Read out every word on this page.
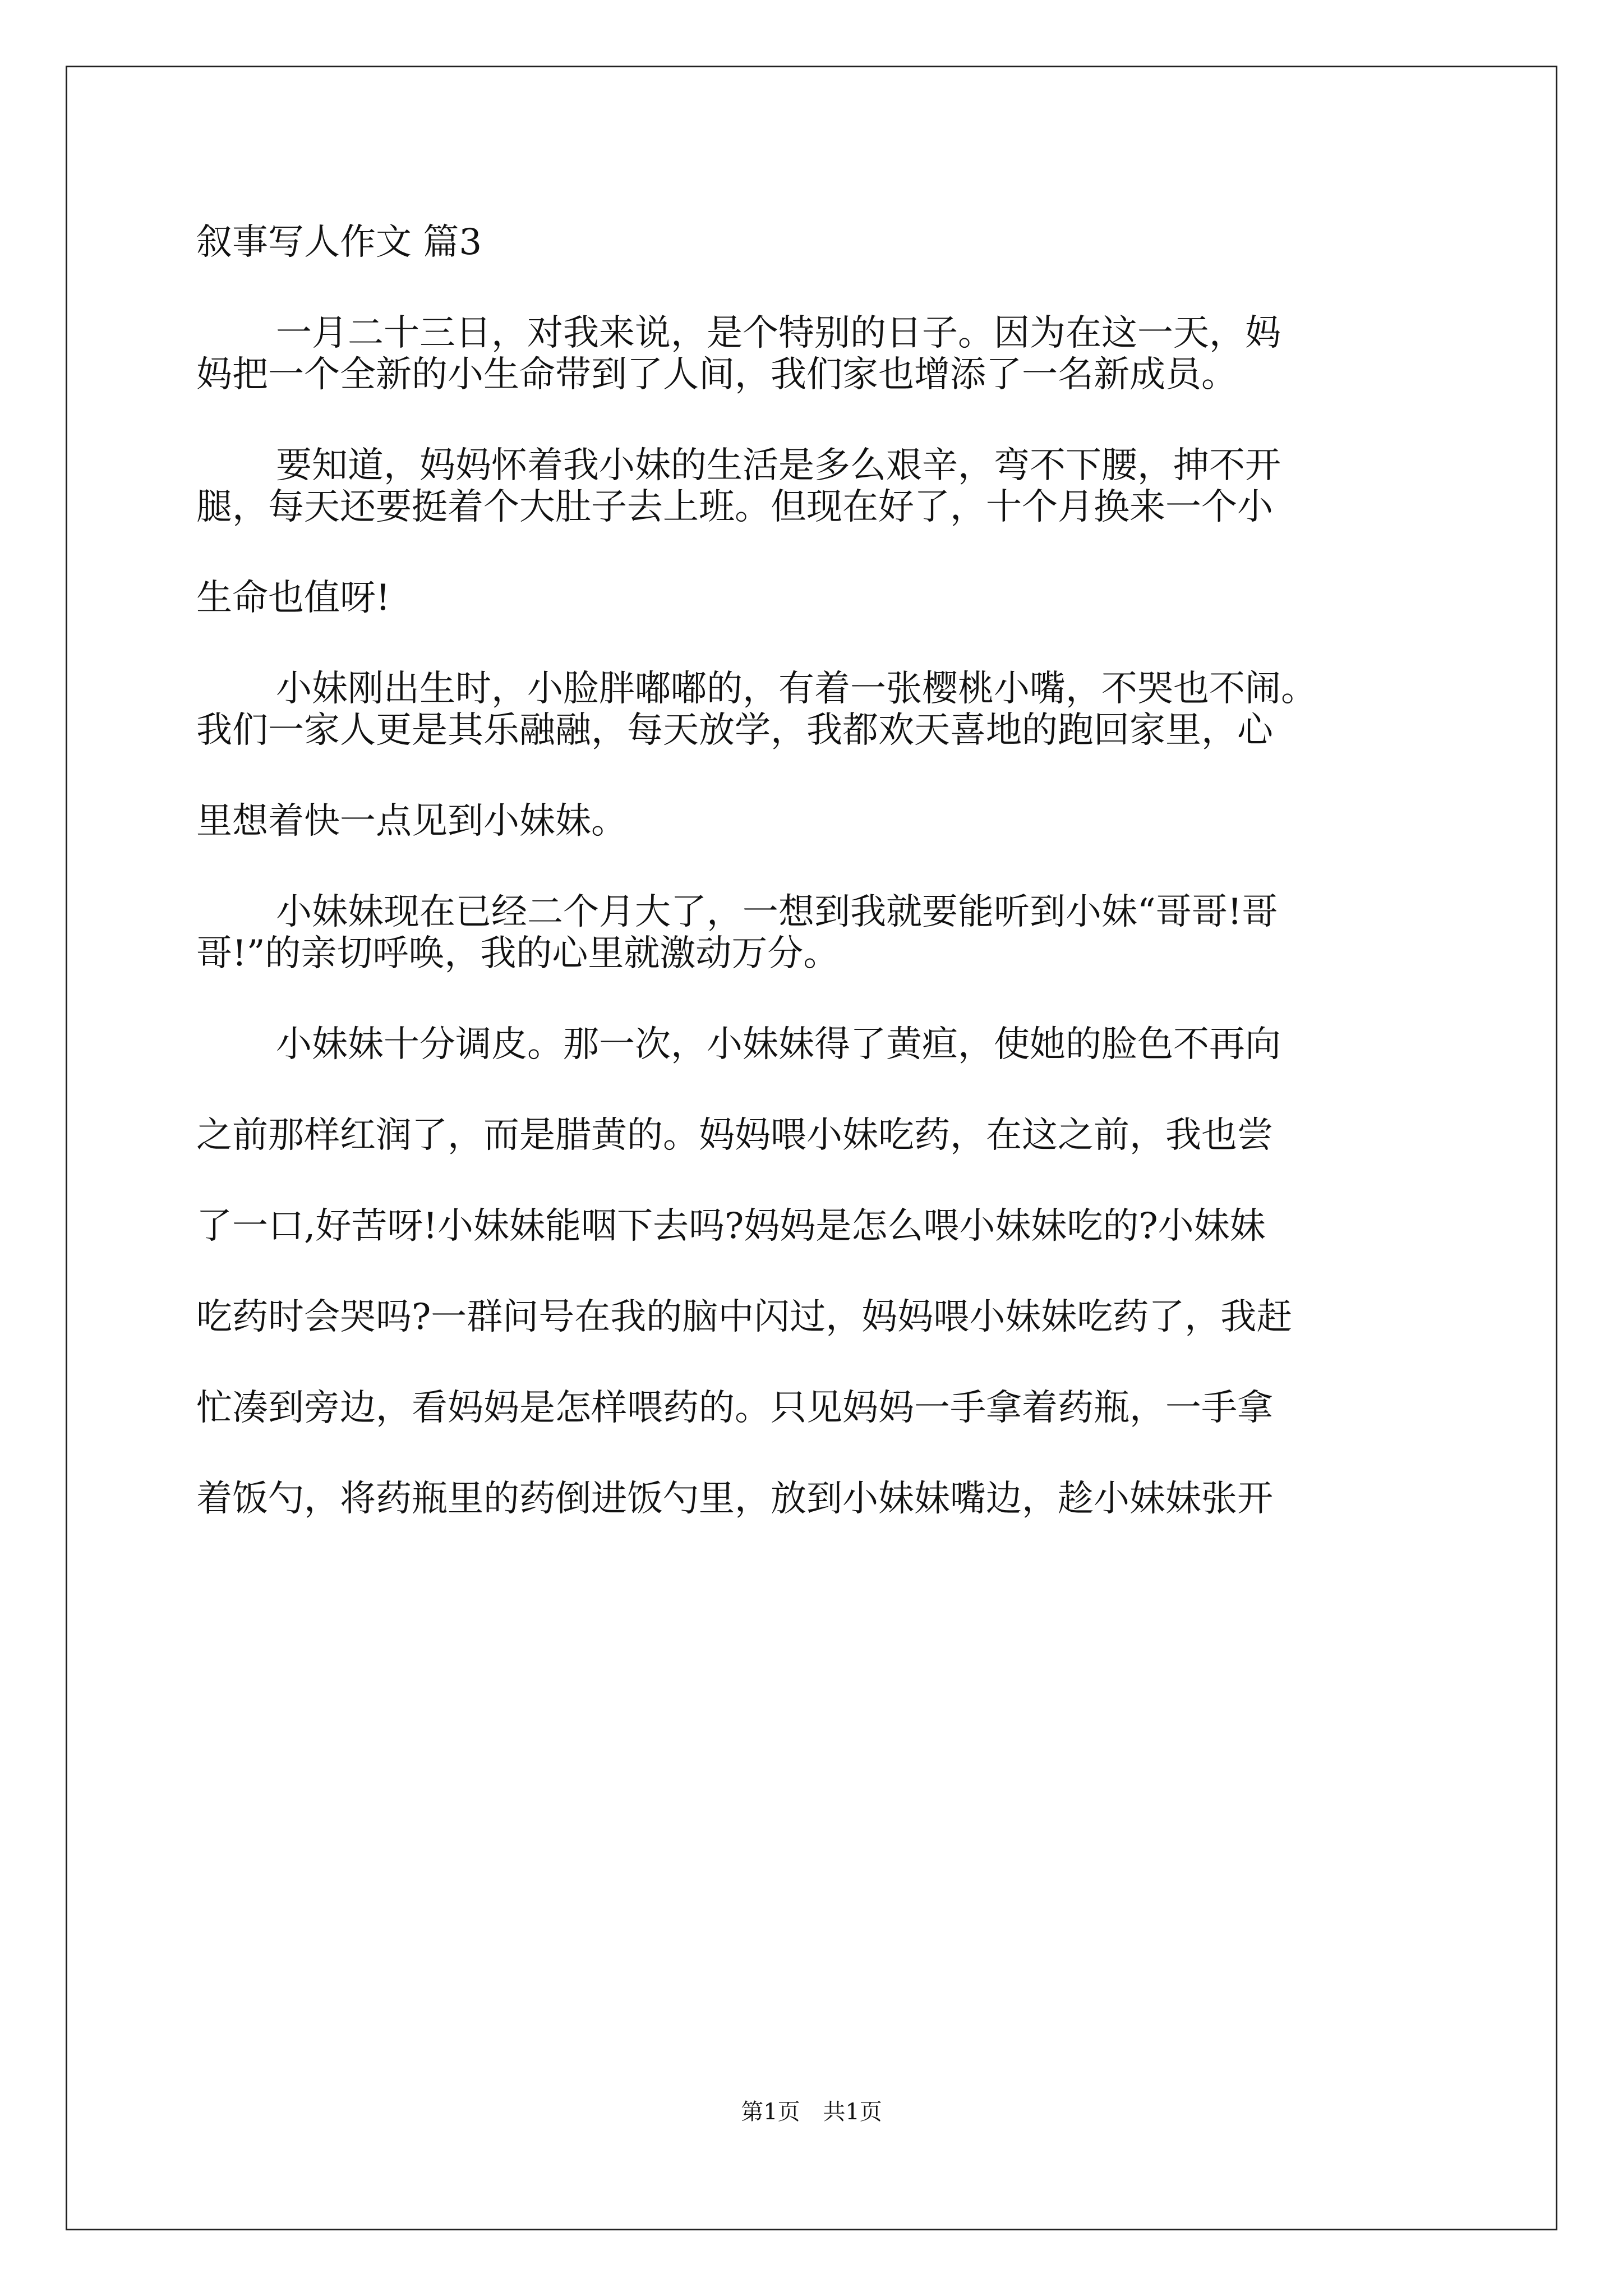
叙事写人作文 篇3
一月二十三日，对我来说，是个特别的日子。因为在这一天，妈
妈把一个全新的小生命带到了人间，我们家也增添了一名新成员。
要知道，妈妈怀着我小妹的生活是多么艰辛，弯不下腰，抻不开
腿，每天还要挺着个大肚子去上班。但现在好了，十个月换来一个小
生命也值呀!
小妹刚出生时，小脸胖嘟嘟的，有着一张樱桃小嘴，不哭也不闹。
我们一家人更是其乐融融，每天放学，我都欢天喜地的跑回家里，心
里想着快一点见到小妹妹。
小妹妹现在已经二个月大了，一想到我就要能听到小妹“哥哥!哥
哥!”的亲切呼唤，我的心里就激动万分。
小妹妹十分调皮。那一次，小妹妹得了黄疸，使她的脸色不再向
之前那样红润了，而是腊黄的。妈妈喂小妹吃药，在这之前，我也尝
了一口,好苦呀!小妹妹能咽下去吗?妈妈是怎么喂小妹妹吃的?小妹妹
吃药时会哭吗?一群问号在我的脑中闪过，妈妈喂小妹妹吃药了，我赶
忙凑到旁边，看妈妈是怎样喂药的。只见妈妈一手拿着药瓶，一手拿
着饭勺，将药瓶里的药倒进饭勺里，放到小妹妹嘴边，趁小妹妹张开
第1页 共1页
